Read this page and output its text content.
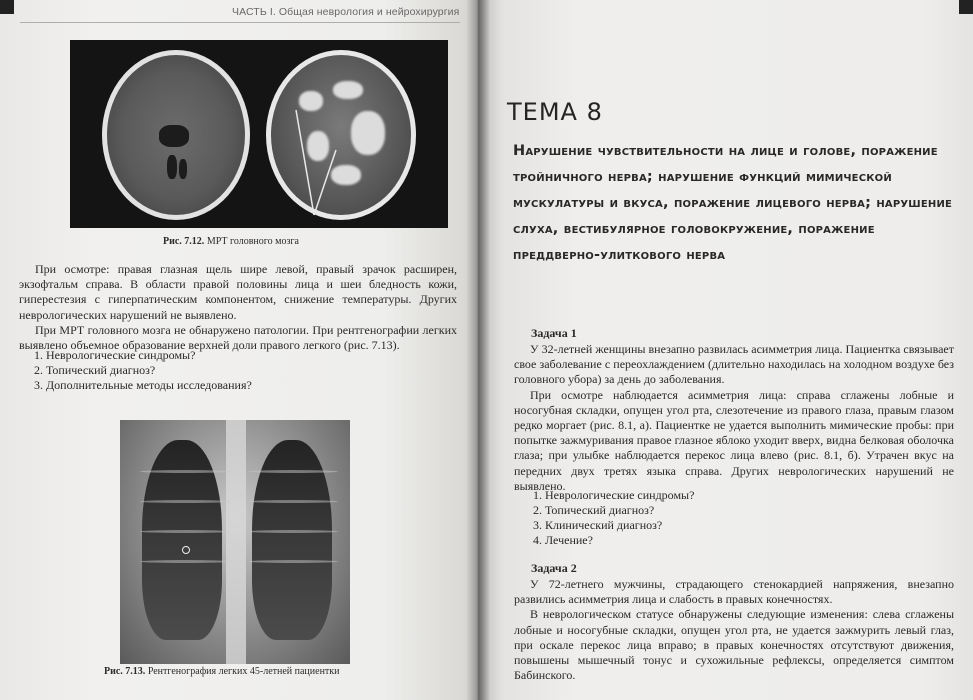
ЧАСТЬ I. Общая неврология и нейрохирургия
Рис. 7.12. МРТ головного мозга

При осмотре: правая глазная щель шире левой, правый зрачок расширен, экзофтальм справа. В области правой половины лица и шеи бледность кожи, гиперестезия с гиперпатическим компонентом, снижение температуры. Других неврологических нарушений не выявлено.

При МРТ головного мозга не обнаружено патологии. При рентгенографии легких выявлено объемное образование верхней доли правого легкого (рис. 7.13).

1. Неврологические синдромы?
2. Топический диагноз?
3. Дополнительные методы исследования?
Рис. 7.13. Рентгенография легких 45-летней пациентки
ТЕМА 8
Нарушение чувствительности на лице и голове, поражение тройничного нерва; нарушение функций мимической мускулатуры и вкуса, поражение лицевого нерва; нарушение слуха, вестибулярное головокружение, поражение преддверно-улиткового нерва
Задача 1

У 32-летней женщины внезапно развилась асимметрия лица. Пациентка связывает свое заболевание с переохлаждением (длительно находилась на холодном воздухе без головного убора) за день до заболевания.

При осмотре наблюдается асимметрия лица: справа сглажены лобные и носогубная складки, опущен угол рта, слезотечение из правого глаза, правым глазом редко моргает (рис. 8.1, а). Пациентке не удается выполнить мимические пробы: при попытке зажмуривания правое глазное яблоко уходит вверх, видна белковая оболочка глаза; при улыбке наблюдается перекос лица влево (рис. 8.1, б). Утрачен вкус на передних двух третях языка справа. Других неврологических нарушений не выявлено.

1. Неврологические синдромы?
2. Топический диагноз?
3. Клинический диагноз?
4. Лечение?
Задача 2

У 72-летнего мужчины, страдающего стенокардией напряжения, внезапно развились асимметрия лица и слабость в правых конечностях.

В неврологическом статусе обнаружены следующие изменения: слева сглажены лобные и носогубные складки, опущен угол рта, не удается зажмурить левый глаз, при оскале перекос лица вправо; в правых конечностях отсутствуют движения, повышены мышечный тонус и сухожильные рефлексы, определяется симптом Бабинского.
